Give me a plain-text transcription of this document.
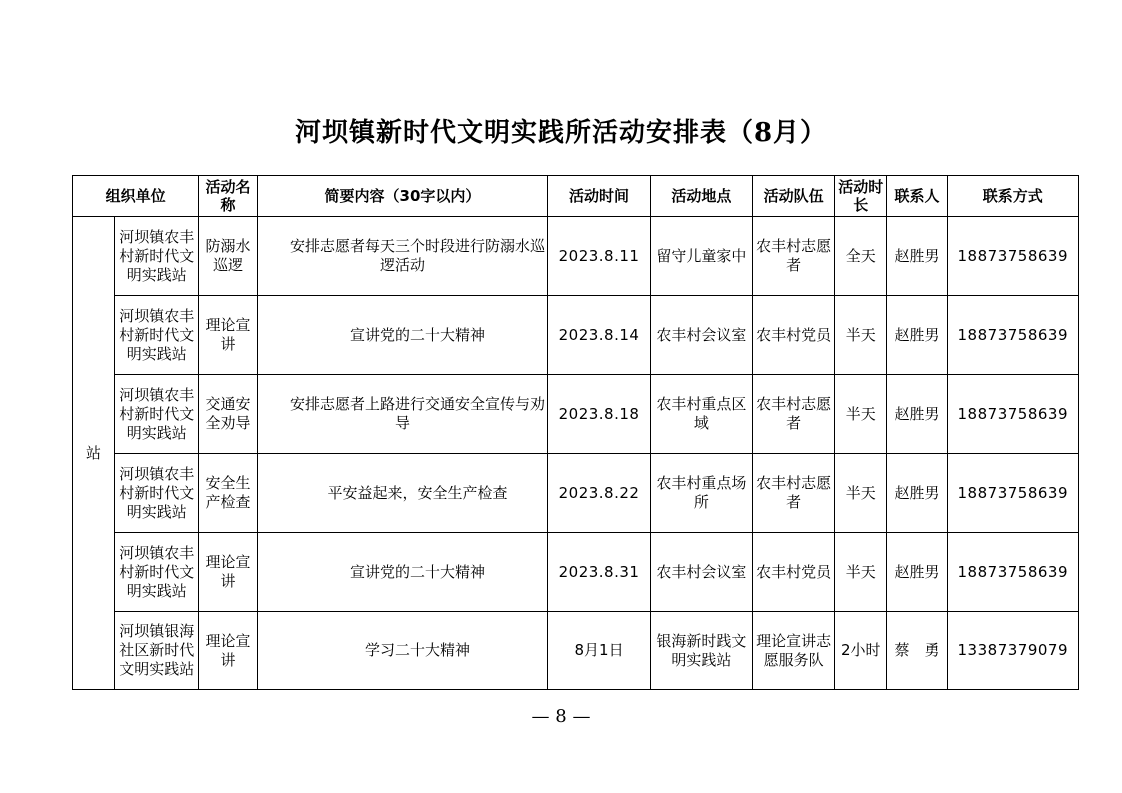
河坝镇新时代文明实践所活动安排表（8月）
组织单位		活动名称	简要内容（30字以内）	活动时间	活动地点	活动队伍	活动时长	联系人	联系方式
站	河坝镇农丰村新时代文明实践站	防溺水巡逻	安排志愿者每天三个时段进行防溺水巡逻活动	2023.8.11	留守儿童家中	农丰村志愿者	全天	赵胜男	18873758639
	河坝镇农丰村新时代文明实践站	理论宣讲	宣讲党的二十大精神	2023.8.14	农丰村会议室	农丰村党员	半天	赵胜男	18873758639
	河坝镇农丰村新时代文明实践站	交通安全劝导	安排志愿者上路进行交通安全宣传与劝导	2023.8.18	农丰村重点区域	农丰村志愿者	半天	赵胜男	18873758639
	河坝镇农丰村新时代文明实践站	安全生产检查	平安益起来，安全生产检查	2023.8.22	农丰村重点场所	农丰村志愿者	半天	赵胜男	18873758639
	河坝镇农丰村新时代文明实践站	理论宣讲	宣讲党的二十大精神	2023.8.31	农丰村会议室	农丰村党员	半天	赵胜男	18873758639
	河坝镇银海社区新时代文明实践站	理论宣讲	学习二十大精神	8月1日	银海新时践文明实践站	理论宣讲志愿服务队	2小时	蔡　勇	13387379079
— 8 —
